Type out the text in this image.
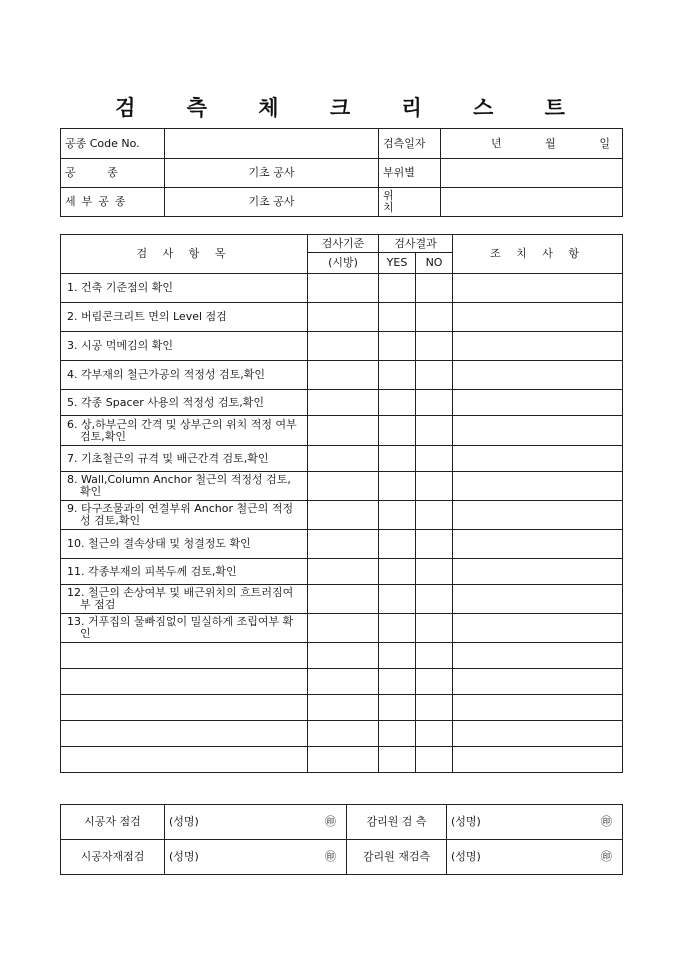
검 측 체 크 리 스 트
공종 Code No.		검측일자	년 월 일

공 종	기초 공사	부위별	
세부공종	기초 공사	위 치	
검 사 항 목	검사기준	검사결과		조 치 사 항
	(시방)	YES	NO	

1. 건축 기준점의 확인				

2. 버림콘크리트 면의 Level 점검				

3. 시공 먹메김의 확인				

4. 각부재의 철근가공의 적정성 검토,확인				

5. 각종 Spacer 사용의 적정성 검토,확인				

6. 상,하부근의 간격 및 상부근의 위치 적정 여부 검토,확인				

7. 기초철근의 규격 및 배근간격 검토,확인				

8. Wall,Column Anchor 철근의 적정성 검토,확인				

9. 타구조물과의 연결부위 Anchor 철근의 적정성 검토,확인				

10. 철근의 결속상태 및 청결정도 확인				

11. 각종부재의 피복두께 검토,확인				

12. 철근의 손상여부 및 배근위치의 흐트러짐여부 점검				

13. 거푸집의 물빠짐없이 밀실하게 조립여부 확인				

시공자 점검	(성명) ㊞	감리원 검 측	(성명) ㊞

시공자재점검	(성명) ㊞	감리원 재검측	(성명) ㊞
